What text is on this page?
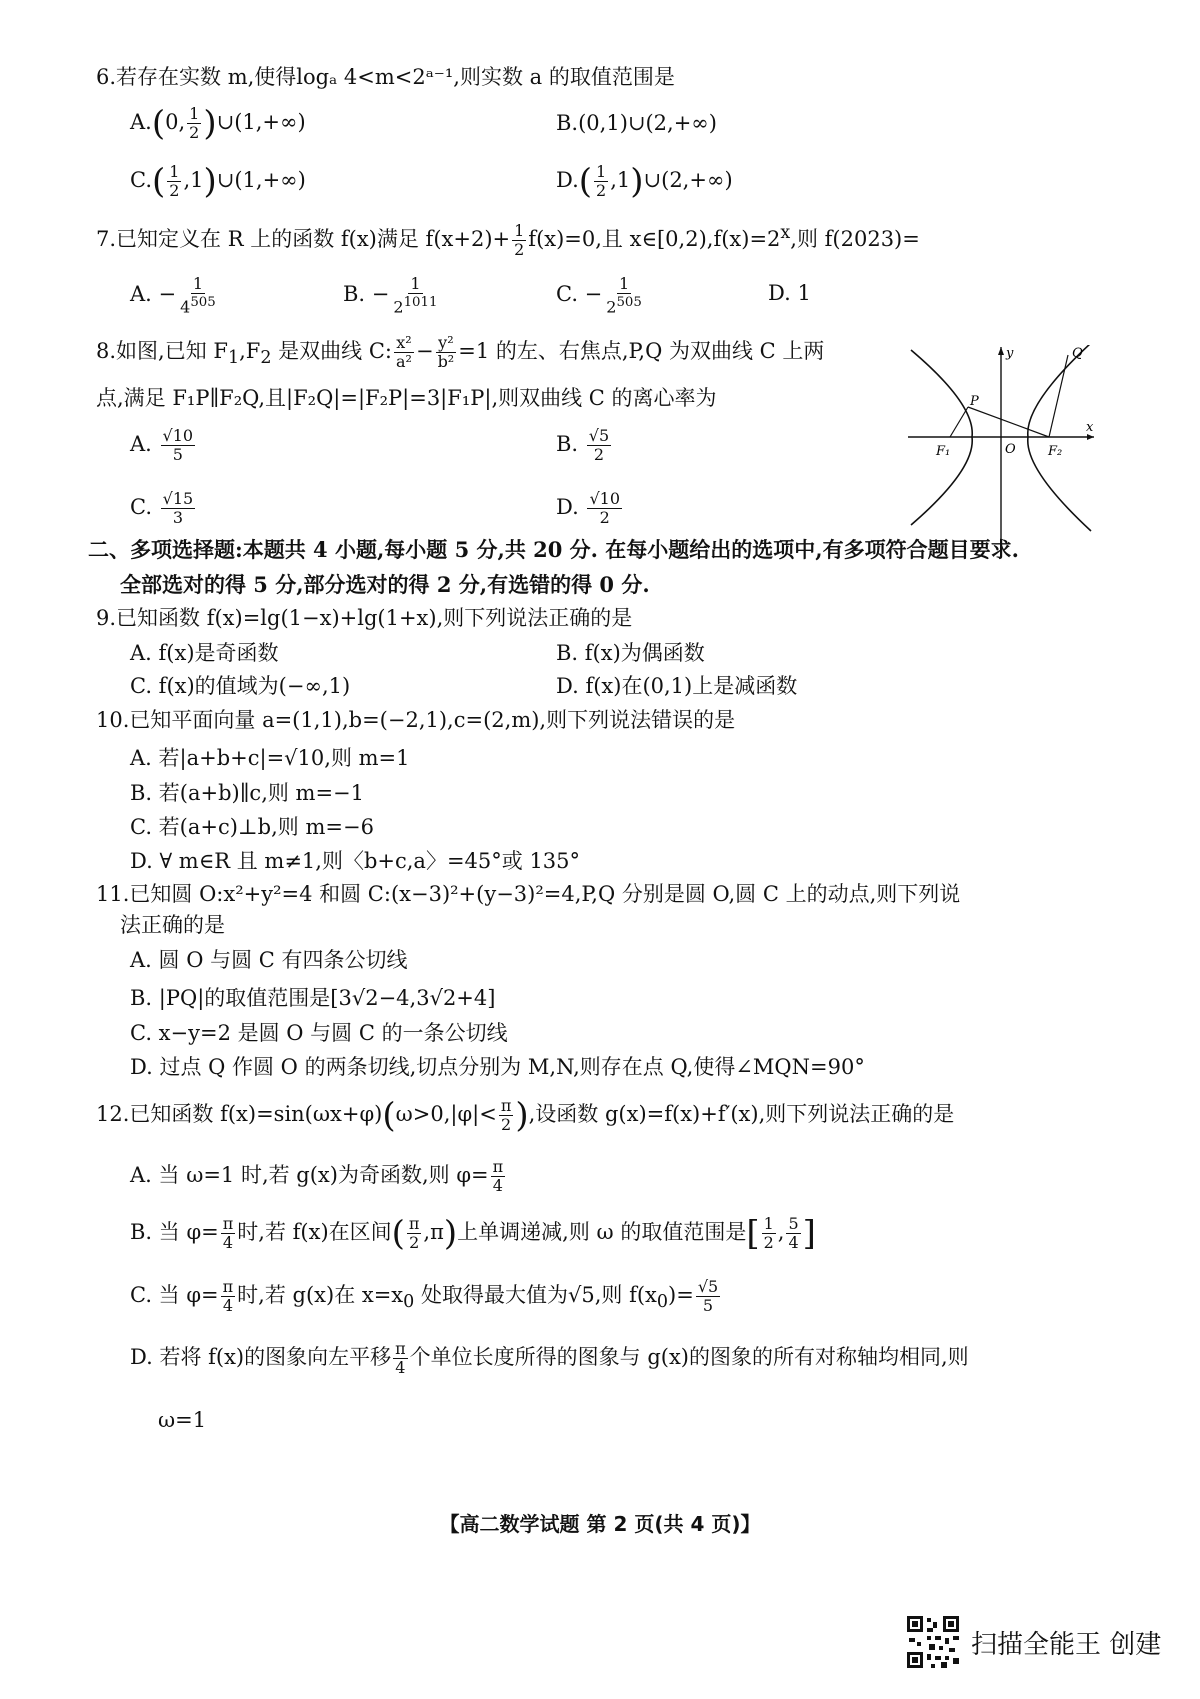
6.若存在实数 m,使得logₐ 4<m<2ᵃ⁻¹,则实数 a 的取值范围是
A.(0, $\frac{1}{2}$ )∪(1,+∞)	B.(0,1)∪(2,+∞)
$C.( \frac{1}{2}$ ,1)∪(1,+∞)	$D.( \frac{1}{2}$ ,1)∪(2,+∞)
7.已知定义在 R 上的函数 f(x)满足 $f(x+2)+ \frac{1}{2} f(x)=0$,且 $x\in[0,2),f(x)=2^x$,则 f(2023)=
A. − $\frac{1}{4^{505}}$	B. − $\frac{1}{2^{1011}}$	C. − $\frac{1}{2^{505}}$	D. 1
8.如图,已知 $F_1,F_2$ 是双曲线 C: $\frac{\text{x²}}{\text{a²}} - \frac{\text{y²}}{\text{b²}} =1$ 的左、右焦点,P,Q 为双曲线 C 上两
点,满足 F₁P∥F₂Q,且|F₂Q|=|F₂P|=3|F₁P|,则双曲线 C 的离心率为
A. $\frac{√10}{5}$	B. $\frac{√5}{2}$
C. $\frac{√15}{3}$	D. $\frac{√10}{2}$
y
x
O
P
Q
F₁	F₂
二、多项选择题:本题共 4 小题,每小题 5 分,共 20 分. 在每小题给出的选项中,有多项符合题目要求.
全部选对的得 5 分,部分选对的得 2 分,有选错的得 0 分.
9.已知函数 f(x)=lg(1−x)+lg(1+x),则下列说法正确的是
A. f(x)是奇函数	B. f(x)为偶函数
C. f(x)的值域为(−∞,1)	D. f(x)在(0,1)上是减函数
10.已知平面向量 a=(1,1),b=(−2,1),c=(2,m),则下列说法错误的是
A. 若|a+b+c|=√10,则 m=1
B. 若(a+b)∥c,则 m=−1
C. 若(a+c)⊥b,则 m=−6
D. ∀ m∈R 且 m≠1,则〈b+c,a〉=45°或 135°
11.已知圆 O:x²+y²=4 和圆 C:(x−3)²+(y−3)²=4,P,Q 分别是圆 O,圆 C 上的动点,则下列说
法正确的是
A. 圆 O 与圆 C 有四条公切线
B. |PQ|的取值范围是[3√2−4,3√2+4]
C. x−y=2 是圆 O 与圆 C 的一条公切线
D. 过点 Q 作圆 O 的两条切线,切点分别为 M,N,则存在点 Q,使得∠MQN=90°
12.已知函数 $f(x)=\sin(\omega x+\varphi)(\omega>0,|\varphi|< \frac{\pi}{2}$ ),设函数 g(x)=f(x)+f′(x),则下列说法正确的是
A. 当 ω=1 时,若 g(x)为奇函数,则 $\varphi= \frac{\pi}{4}$
B. 当 $\varphi= \frac{\pi}{4}$ 时,若 f(x)在区间( $\frac{\pi}{2} ,\pi$)上单调递减,则 ω 的取值范围是[ $\frac{1}{2}$ , $\frac{5}{4}$ ]
C. 当 $\varphi= \frac{\pi}{4}$ 时,若 g(x)在 $x=x_0$ 处取得最大值为√5,则 $f(x_0)= \frac{√5}{5}$
D. 若将 f(x)的图象向左平移 $\frac{\pi}{4}$ 个单位长度所得的图象与 g(x)的图象的所有对称轴均相同,则
ω=1
【高二数学试题 第 2 页(共 4 页)】
扫描全能王 创建
